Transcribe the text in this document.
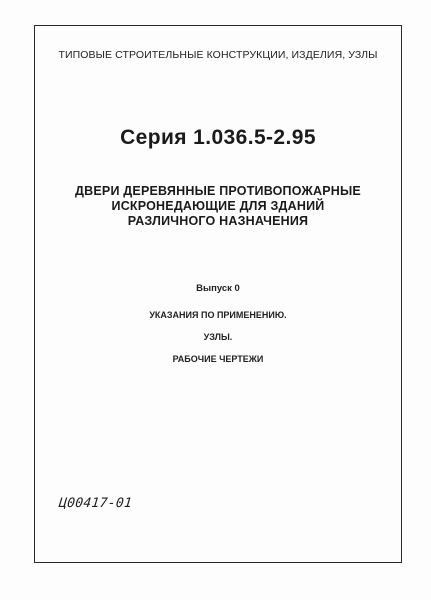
ТИПОВЫЕ СТРОИТЕЛЬНЫЕ КОНСТРУКЦИИ, ИЗДЕЛИЯ, УЗЛЫ
Серия 1.036.5-2.95
ДВЕРИ ДЕРЕВЯННЫЕ ПРОТИВОПОЖАРНЫЕ
ИСКРОНЕДАЮЩИЕ ДЛЯ ЗДАНИЙ
РАЗЛИЧНОГО НАЗНАЧЕНИЯ
Выпуск 0
УКАЗАНИЯ ПО ПРИМЕНЕНИЮ.
УЗЛЫ.
РАБОЧИЕ ЧЕРТЕЖИ
Ц00417-01
